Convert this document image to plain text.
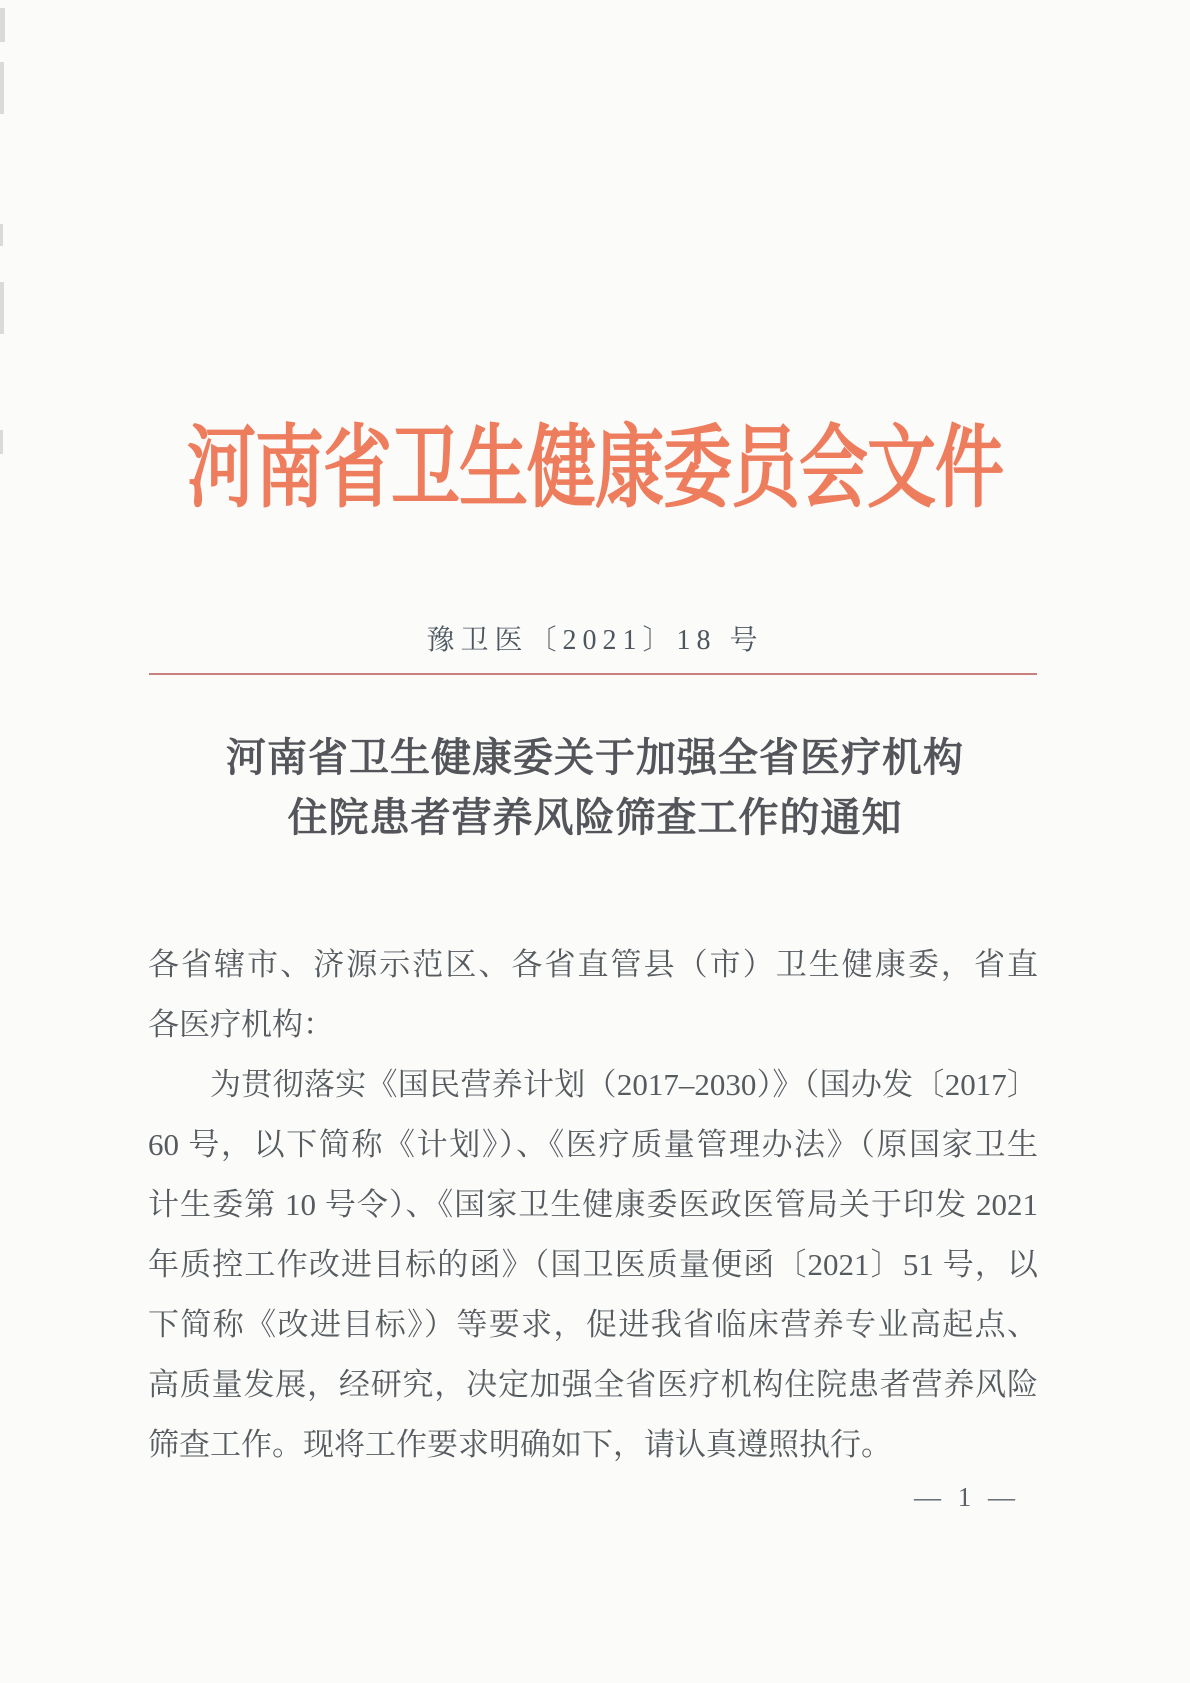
河南省卫生健康委员会文件
豫卫医〔2021〕18 号
河南省卫生健康委关于加强全省医疗机构
住院患者营养风险筛查工作的通知

各省辖市、济源示范区、各省直管县（市）卫生健康委，省直

各医疗机构：

为贯彻落实《国民营养计划（2017–2030）》（国办发〔2017〕

60 号，以下简称《计划》）、《医疗质量管理办法》（原国家卫生

计生委第 10 号令）、《国家卫生健康委医政医管局关于印发 2021

年质控工作改进目标的函》（国卫医质量便函〔2021〕51 号，以

下简称《改进目标》）等要求，促进我省临床营养专业高起点、

高质量发展，经研究，决定加强全省医疗机构住院患者营养风险

筛查工作。现将工作要求明确如下，请认真遵照执行。

— 1 —
